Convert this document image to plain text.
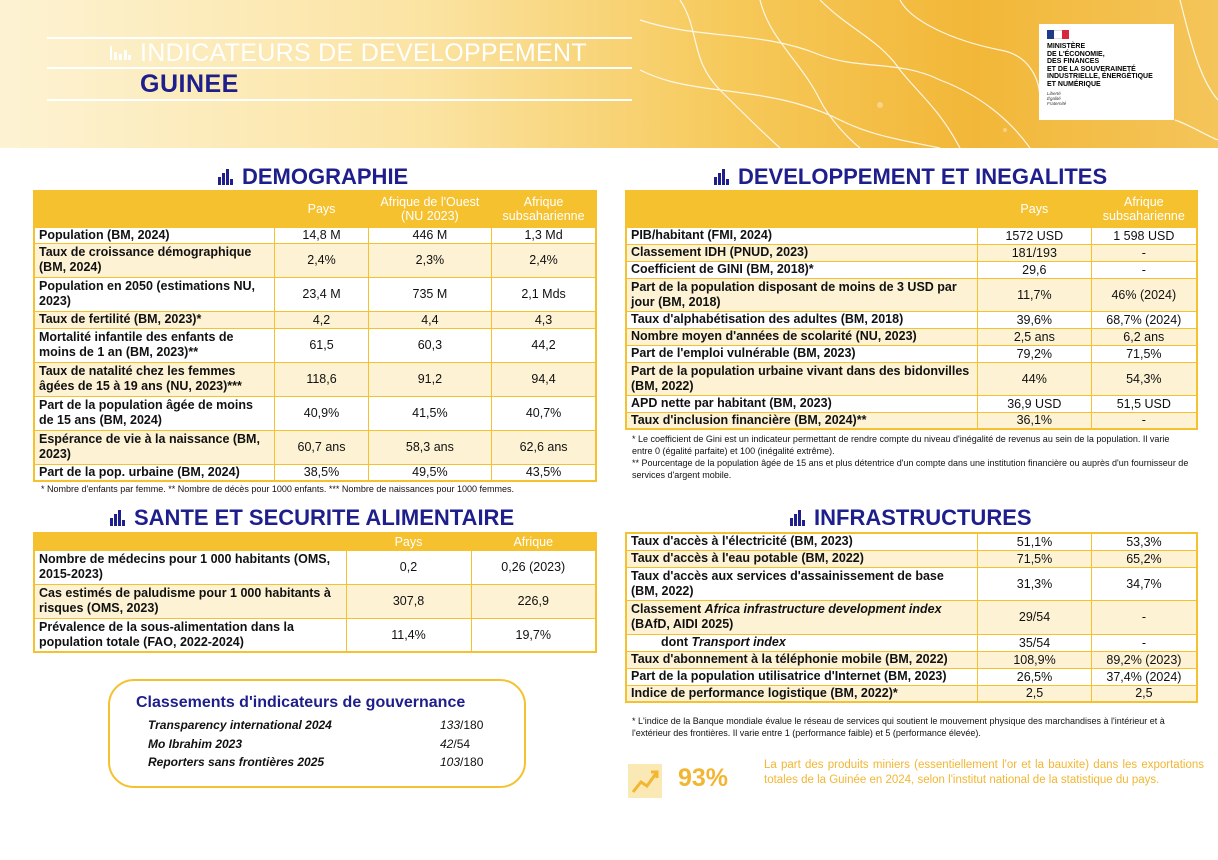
INDICATEURS DE DEVELOPPEMENT
GUINEE
MINISTÈRE
DE L'ÉCONOMIE,
DES FINANCES
ET DE LA SOUVERAINETÉ
INDUSTRIELLE, ÉNERGÉTIQUE
ET NUMÉRIQUE
Liberté
Égalité
Fraternité
DEMOGRAPHIE
	Pays	Afrique de l'Ouest (NU 2023)	Afrique subsaharienne
Population (BM, 2024)	14,8 M	446 M	1,3 Md
Taux de croissance démographique (BM, 2024)	2,4%	2,3%	2,4%
Population en 2050 (estimations NU, 2023)	23,4 M	735 M	2,1 Mds
Taux de fertilité (BM, 2023)*	4,2	4,4	4,3
Mortalité infantile des enfants de moins de 1 an (BM, 2023)**	61,5	60,3	44,2
Taux de natalité chez les femmes âgées de 15 à 19 ans (NU, 2023)***	118,6	91,2	94,4
Part de la population âgée de moins de 15 ans (BM, 2024)	40,9%	41,5%	40,7%
Espérance de vie à la naissance (BM, 2023)	60,7 ans	58,3 ans	62,6 ans
Part de la pop. urbaine (BM, 2024)	38,5%	49,5%	43,5%
* Nombre d'enfants par femme. ** Nombre de décès pour 1000 enfants. *** Nombre de naissances pour 1000 femmes.
SANTE ET SECURITE ALIMENTAIRE
	Pays	Afrique
Nombre de médecins pour 1 000 habitants (OMS, 2015-2023)	0,2	0,26 (2023)
Cas estimés de paludisme pour 1 000 habitants à risques (OMS, 2023)	307,8	226,9
Prévalence de la sous-alimentation dans la population totale (FAO, 2022-2024)	11,4%	19,7%
Classements d'indicateurs de gouvernance
Transparency international 2024	133/180
Mo Ibrahim 2023	42/54
Reporters sans frontières 2025	103/180
DEVELOPPEMENT ET INEGALITES
	Pays	Afrique subsaharienne
PIB/habitant (FMI, 2024)	1572 USD	1 598 USD
Classement IDH (PNUD, 2023)	181/193	-
Coefficient de GINI (BM, 2018)*	29,6	-
Part de la population disposant de moins de 3 USD par jour (BM, 2018)	11,7%	46% (2024)
Taux d'alphabétisation des adultes (BM, 2018)	39,6%	68,7% (2024)
Nombre moyen d'années de scolarité (NU, 2023)	2,5 ans	6,2 ans
Part de l'emploi vulnérable (BM, 2023)	79,2%	71,5%
Part de la population urbaine vivant dans des bidonvilles (BM, 2022)	44%	54,3%
APD nette par habitant (BM, 2023)	36,9 USD	51,5 USD
Taux d'inclusion financière (BM, 2024)**	36,1%	-
* Le coefficient de Gini est un indicateur permettant de rendre compte du niveau d'inégalité de revenus au sein de la population. Il varie entre 0 (égalité parfaite) et 100 (inégalité extrême).
** Pourcentage de la population âgée de 15 ans et plus détentrice d'un compte dans une institution financière ou auprès d'un fournisseur de services d'argent mobile.
INFRASTRUCTURES
Taux d'accès à l'électricité (BM, 2023)	51,1%	53,3%
Taux d'accès à l'eau potable (BM, 2022)	71,5%	65,2%
Taux d'accès aux services d'assainissement de base (BM, 2022)	31,3%	34,7%
Classement Africa infrastructure development index (BAfD, AIDI 2025)	29/54	-
dont Transport index	35/54	-
Taux d'abonnement à la téléphonie mobile (BM, 2022)	108,9%	89,2% (2023)
Part de la population utilisatrice d'Internet (BM, 2023)	26,5%	37,4% (2024)
Indice de performance logistique (BM, 2022)*	2,5	2,5
* L'indice de la Banque mondiale évalue le réseau de services qui soutient le mouvement physique des marchandises à l'intérieur et à l'extérieur des frontières. Il varie entre 1 (performance faible) et 5 (performance élevée).
93%	La part des produits miniers (essentiellement l'or et la bauxite) dans les exportations totales de la Guinée en 2024, selon l'institut national de la statistique du pays.
